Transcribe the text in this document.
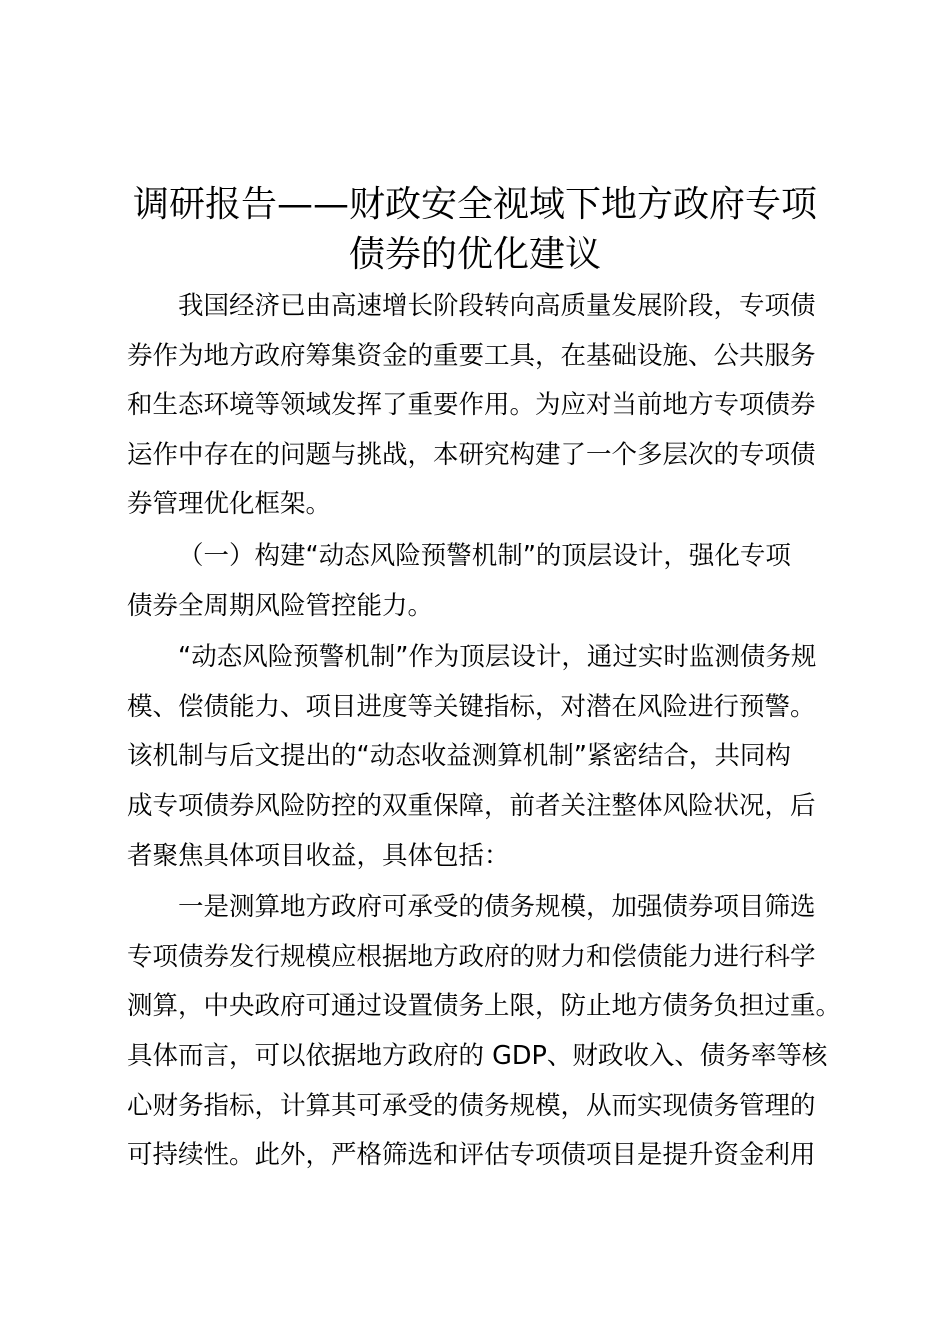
调研报告——财政安全视域下地方政府专项
债券的优化建议

我国经济已由高速增长阶段转向高质量发展阶段，专项债
券作为地方政府筹集资金的重要工具，在基础设施、公共服务
和生态环境等领域发挥了重要作用。为应对当前地方专项债券
运作中存在的问题与挑战，本研究构建了一个多层次的专项债
券管理优化框架。

（一）构建“动态风险预警机制”的顶层设计，强化专项
债券全周期风险管控能力。

“动态风险预警机制”作为顶层设计，通过实时监测债务规
模、偿债能力、项目进度等关键指标，对潜在风险进行预警。
该机制与后文提出的“动态收益测算机制”紧密结合，共同构
成专项债券风险防控的双重保障，前者关注整体风险状况，后
者聚焦具体项目收益，具体包括：

一是测算地方政府可承受的债务规模，加强债券项目筛选
专项债券发行规模应根据地方政府的财力和偿债能力进行科学
测算，中央政府可通过设置债务上限，防止地方债务负担过重。
具体而言，可以依据地方政府的 GDP、财政收入、债务率等核
心财务指标，计算其可承受的债务规模，从而实现债务管理的
可持续性。此外，严格筛选和评估专项债项目是提升资金利用
